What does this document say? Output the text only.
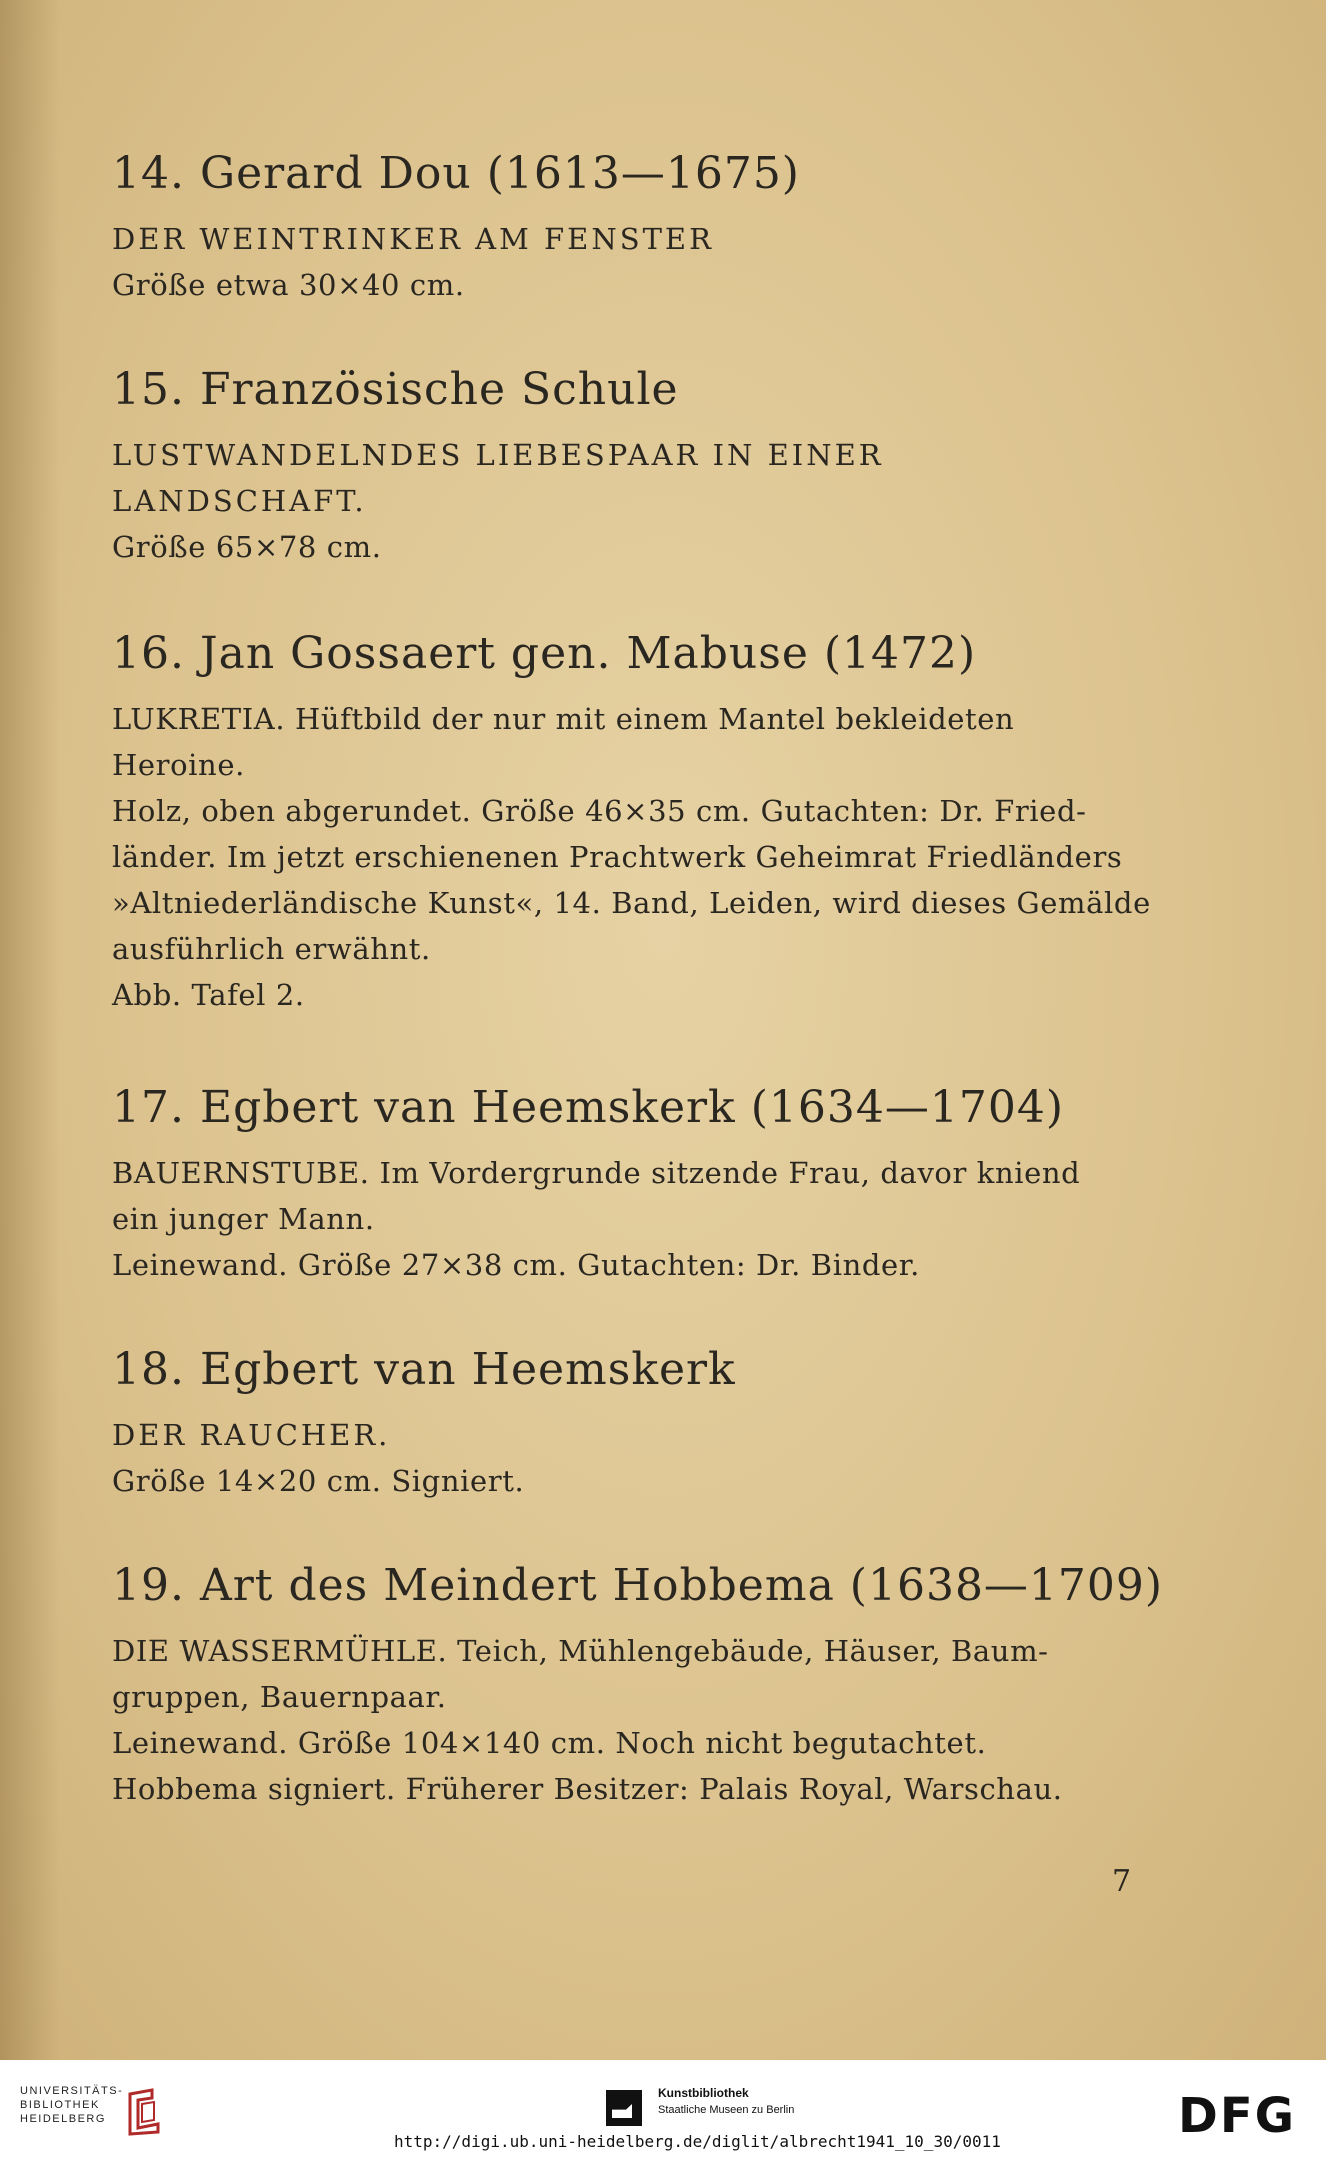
14. Gerard Dou (1613—1675)
DER WEINTRINKER AM FENSTER
Größe etwa 30×40 cm.
15. Französische Schule
LUSTWANDELNDES LIEBESPAAR IN EINER
LANDSCHAFT.
Größe 65×78 cm.
16. Jan Gossaert gen. Mabuse (1472)
LUKRETIA. Hüftbild der nur mit einem Mantel bekleideten
Heroine.
Holz, oben abgerundet. Größe 46×35 cm. Gutachten: Dr. Fried-
länder. Im jetzt erschienenen Prachtwerk Geheimrat Friedländers
»Altniederländische Kunst«, 14. Band, Leiden, wird dieses Gemälde
ausführlich erwähnt.
Abb. Tafel 2.
17. Egbert van Heemskerk (1634—1704)
BAUERNSTUBE. Im Vordergrunde sitzende Frau, davor kniend
ein junger Mann.
Leinewand. Größe 27×38 cm. Gutachten: Dr. Binder.
18. Egbert van Heemskerk
DER RAUCHER.
Größe 14×20 cm. Signiert.
19. Art des Meindert Hobbema (1638—1709)
DIE WASSERMÜHLE. Teich, Mühlengebäude, Häuser, Baum-
gruppen, Bauernpaar.
Leinewand. Größe 104×140 cm. Noch nicht begutachtet.
Hobbema signiert. Früherer Besitzer: Palais Royal, Warschau.
7
UNIVERSITÄTS-
BIBLIOTHEK
HEIDELBERG
Kunstbibliothek
Staatliche Museen zu Berlin	DFG
http://digi.ub.uni-heidelberg.de/diglit/albrecht1941_10_30/0011
